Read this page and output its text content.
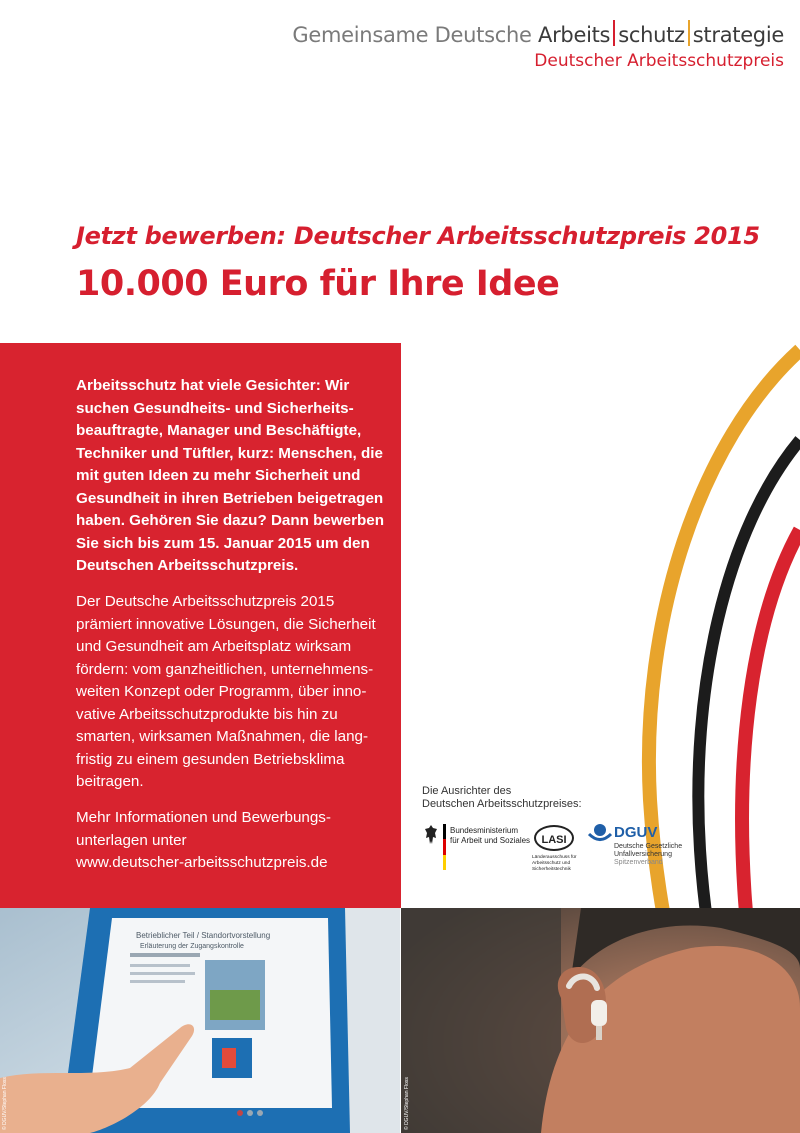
Gemeinsame Deutsche Arbeits schutz strategie
Deutscher Arbeitsschutzpreis
Jetzt bewerben: Deutscher Arbeitsschutzpreis 2015
10.000 Euro für Ihre Idee
Arbeitsschutz hat viele Gesichter: Wir suchen Gesundheits- und Sicherheitsbeauftragte, Manager und Beschäftigte, Techniker und Tüftler, kurz: Menschen, die mit guten Ideen zu mehr Sicherheit und Gesundheit in ihren Betrieben beigetragen haben. Gehören Sie dazu? Dann bewerben Sie sich bis zum 15. Januar 2015 um den Deutschen Arbeitsschutzpreis.
Der Deutsche Arbeitsschutzpreis 2015 prämiert innovative Lösungen, die Sicherheit und Gesundheit am Arbeitsplatz wirksam fördern: vom ganzheitlichen, unternehmensweiten Konzept oder Programm, über innovative Arbeitsschutzprodukte bis hin zu smarten, wirksamen Maßnahmen, die langfristig zu einem gesunden Betriebsklima beitragen.
Mehr Informationen und Bewerbungsunterlagen unter
www.deutscher-arbeitsschutzpreis.de
Die Ausrichter des
Deutschen Arbeitsschutzpreises:
Bundesministerium
für Arbeit und Soziales	LASI
Länderausschuss für
Arbeitsschutz und
Sicherheitstechnik
DGUV
Deutsche Gesetzliche
Unfallversicherung
Spitzenverband
Betrieblicher Teil / Standortvorstellung
Erläuterung der Zugangskontrolle
© DGUV/Stephan Floss	© DGUV/Stephan Floss
